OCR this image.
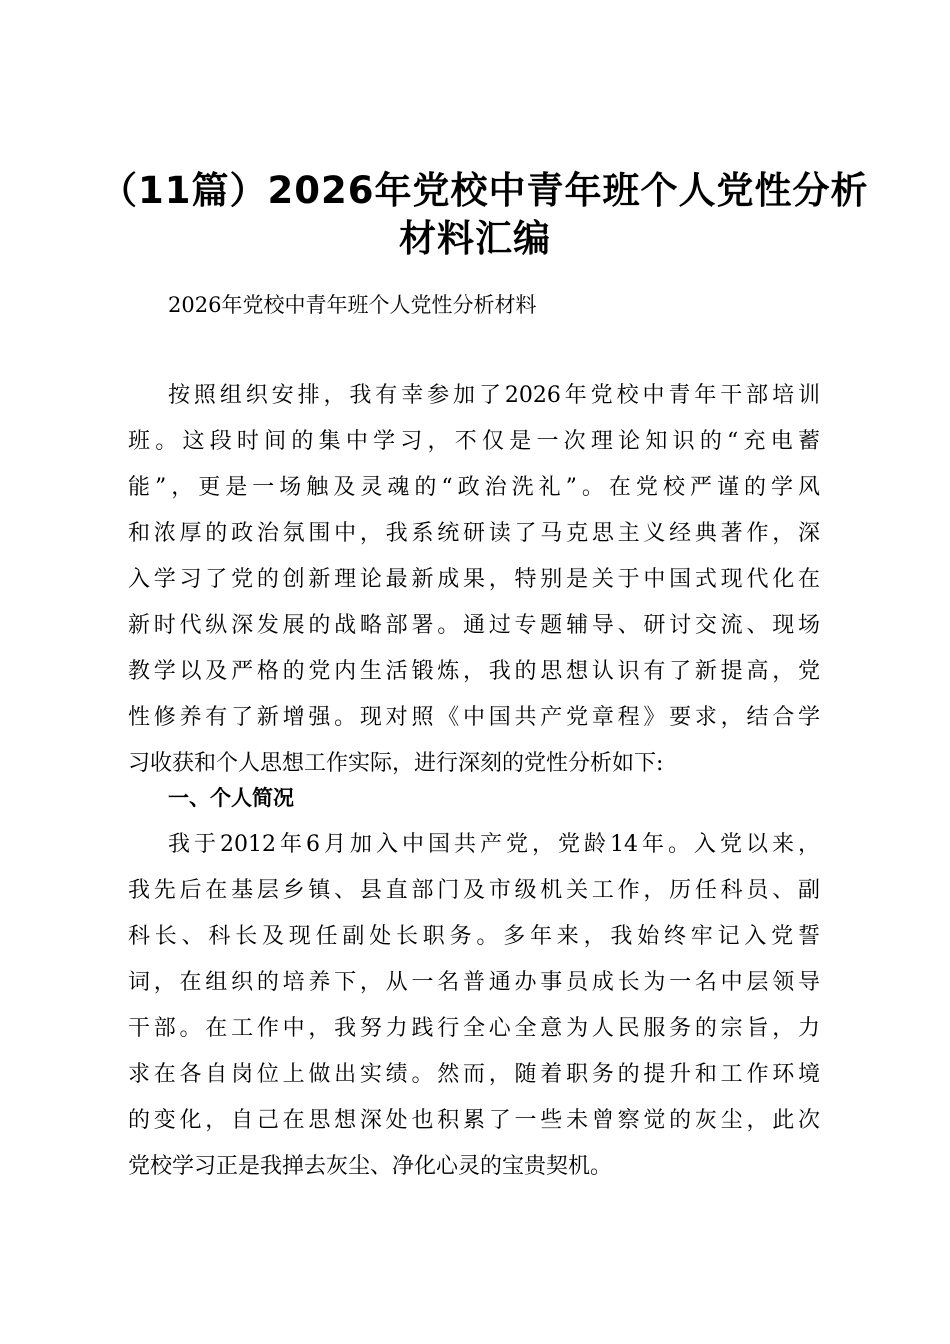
（11篇）2026年党校中青年班个人党性分析
材料汇编

2026年党校中青年班个人党性分析材料

按照组织安排，我有幸参加了2026年党校中青年干部培训
班。这段时间的集中学习，不仅是一次理论知识的“充电蓄
能”，更是一场触及灵魂的“政治洗礼”。在党校严谨的学风
和浓厚的政治氛围中，我系统研读了马克思主义经典著作，深
入学习了党的创新理论最新成果，特别是关于中国式现代化在
新时代纵深发展的战略部署。通过专题辅导、研讨交流、现场
教学以及严格的党内生活锻炼，我的思想认识有了新提高，党
性修养有了新增强。现对照《中国共产党章程》要求，结合学
习收获和个人思想工作实际，进行深刻的党性分析如下:
一、个人简况
我于2012年6月加入中国共产党，党龄14年。入党以来，
我先后在基层乡镇、县直部门及市级机关工作，历任科员、副
科长、科长及现任副处长职务。多年来，我始终牢记入党誓
词，在组织的培养下，从一名普通办事员成长为一名中层领导
干部。在工作中，我努力践行全心全意为人民服务的宗旨，力
求在各自岗位上做出实绩。然而，随着职务的提升和工作环境
的变化，自己在思想深处也积累了一些未曾察觉的灰尘，此次
党校学习正是我掸去灰尘、净化心灵的宝贵契机。
